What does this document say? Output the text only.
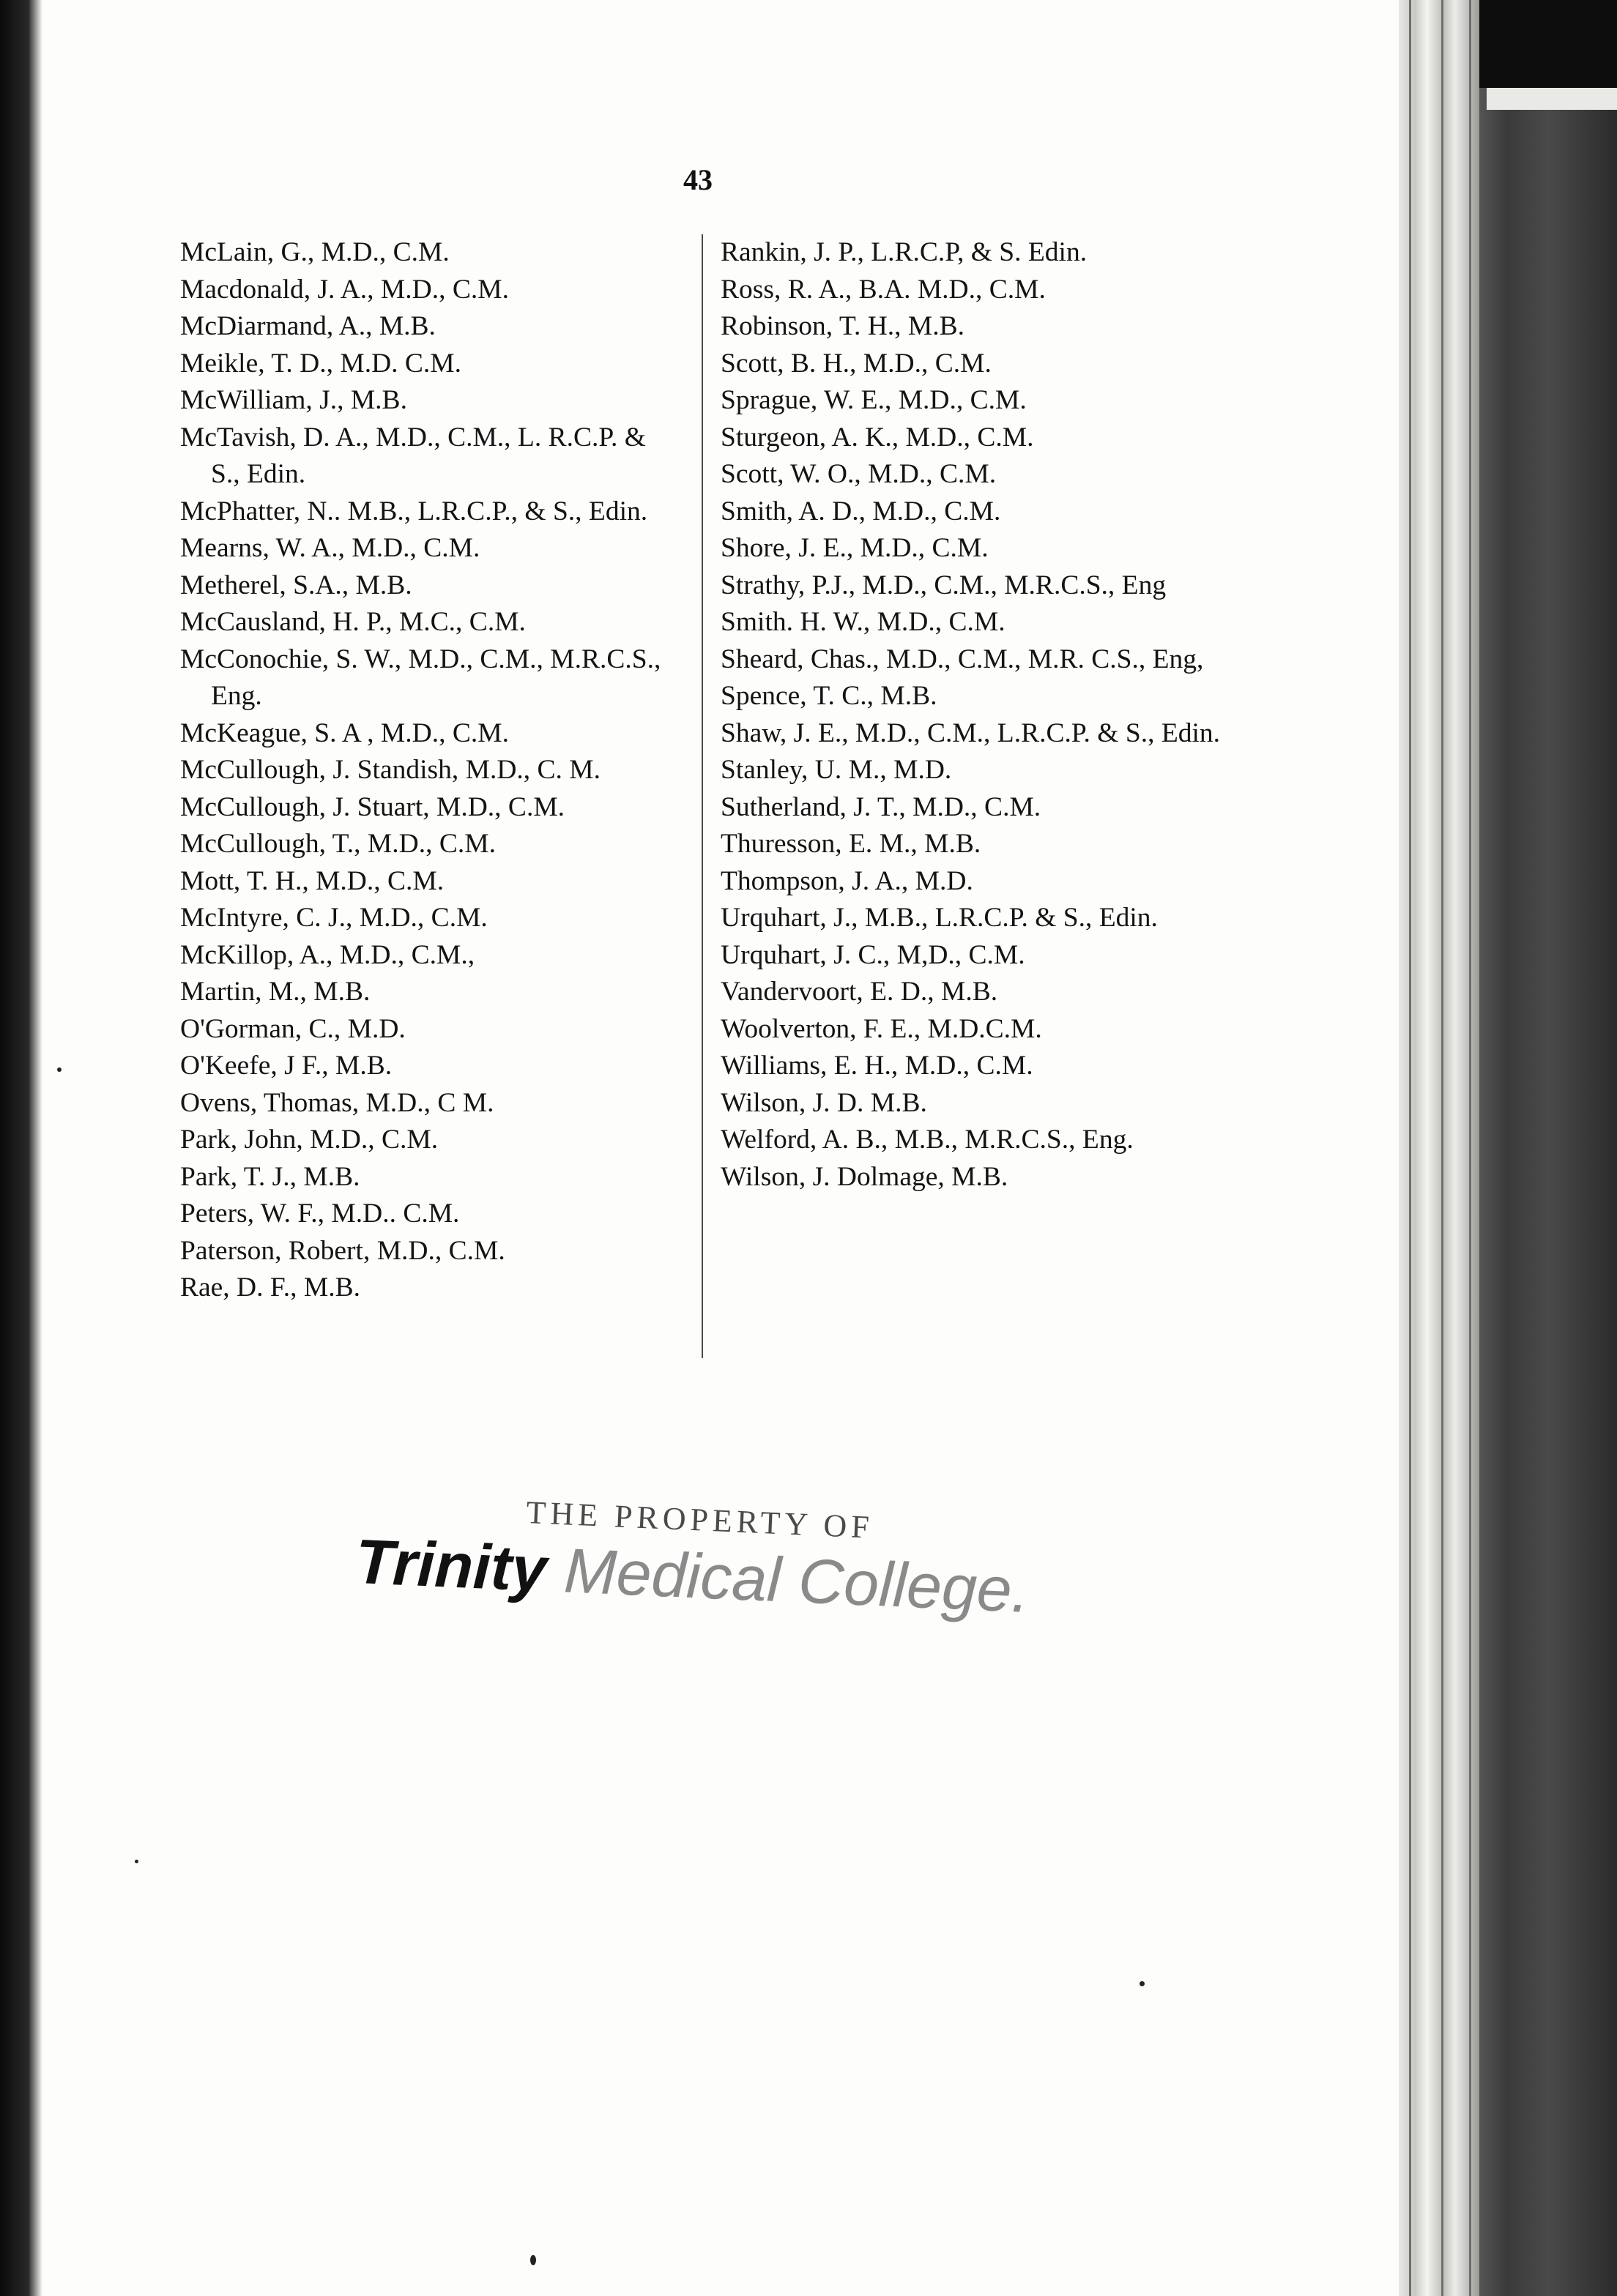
43
McLain, G., M.D., C.M.
Macdonald, J. A., M.D., C.M.
McDiarmand, A., M.B.
Meikle, T. D., M.D. C.M.
McWilliam, J., M.B.
McTavish, D. A., M.D., C.M., L. R.C.P. & S., Edin.
McPhatter, N.. M.B., L.R.C.P., & S., Edin.
Mearns, W. A., M.D., C.M.
Metherel, S.A., M.B.
McCausland, H. P., M.C., C.M.
McConochie, S. W., M.D., C.M., M.R.C.S., Eng.
McKeague, S. A , M.D., C.M.
McCullough, J. Standish, M.D., C. M.
McCullough, J. Stuart, M.D., C.M.
McCullough, T., M.D., C.M.
Mott, T. H., M.D., C.M.
McIntyre, C. J., M.D., C.M.
McKillop, A., M.D., C.M.,
Martin, M., M.B.
O'Gorman, C., M.D.
O'Keefe, J F., M.B.
Ovens, Thomas, M.D., C M.
Park, John, M.D., C.M.
Park, T. J., M.B.
Peters, W. F., M.D.. C.M.
Paterson, Robert, M.D., C.M.
Rae, D. F., M.B.
Rankin, J. P., L.R.C.P, & S. Edin.
Ross, R. A., B.A. M.D., C.M.
Robinson, T. H., M.B.
Scott, B. H., M.D., C.M.
Sprague, W. E., M.D., C.M.
Sturgeon, A. K., M.D., C.M.
Scott, W. O., M.D., C.M.
Smith, A. D., M.D., C.M.
Shore, J. E., M.D., C.M.
Strathy, P.J., M.D., C.M., M.R.C.S., Eng
Smith. H. W., M.D., C.M.
Sheard, Chas., M.D., C.M., M.R. C.S., Eng,
Spence, T. C., M.B.
Shaw, J. E., M.D., C.M., L.R.C.P. & S., Edin.
Stanley, U. M., M.D.
Sutherland, J. T., M.D., C.M.
Thuresson, E. M., M.B.
Thompson, J. A., M.D.
Urquhart, J., M.B., L.R.C.P. & S., Edin.
Urquhart, J. C., M,D., C.M.
Vandervoort, E. D., M.B.
Woolverton, F. E., M.D.C.M.
Williams, E. H., M.D., C.M.
Wilson, J. D. M.B.
Welford, A. B., M.B., M.R.C.S., Eng.
Wilson, J. Dolmage, M.B.
THE PROPERTY OF
Trinity Medical College.
